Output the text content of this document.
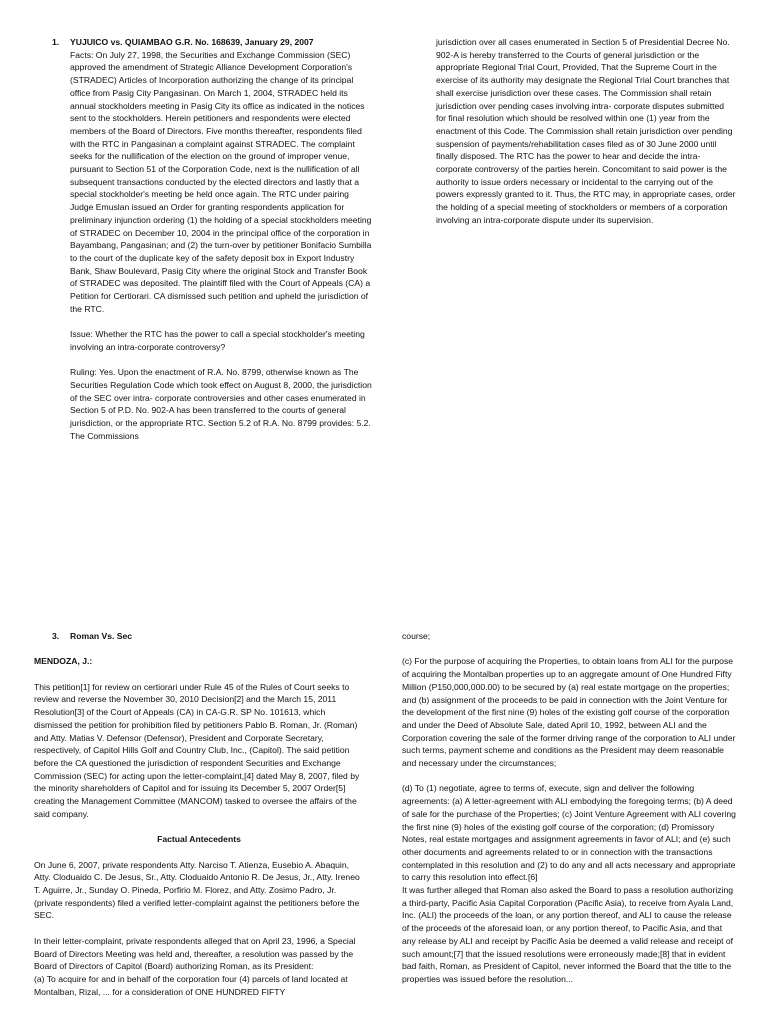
1. YUJUICO vs. QUIAMBAO G.R. No. 168639, January 29, 2007

Facts: On July 27, 1998, the Securities and Exchange Commission (SEC) approved the amendment of Strategic Alliance Development Corporation's (STRADEC) Articles of Incorporation authorizing the change of its principal office from Pasig City Pangasinan. On March 1, 2004, STRADEC held its annual stockholders meeting in Pasig City its office as indicated in the notices sent to the stockholders. Herein petitioners and respondents were elected members of the Board of Directors. Five months thereafter, respondents filed with the RTC in Pangasinan a complaint against STRADEC. The complaint seeks for the nullification of the election on the ground of improper venue, pursuant to Section 51 of the Corporation Code, next is the nullification of all subsequent transactions conducted by the elected directors and lastly that a special stockholder's meeting be held once again. The RTC under pairing Judge Emuslan issued an Order for granting respondents application for preliminary injunction ordering (1) the holding of a special stockholders meeting of STRADEC on December 10, 2004 in the principal office of the corporation in Bayambang, Pangasinan; and (2) the turn-over by petitioner Bonifacio Sumbilla to the court of the duplicate key of the safety deposit box in Export Industry Bank, Shaw Boulevard, Pasig City where the original Stock and Transfer Book of STRADEC was deposited. The plaintiff filed with the Court of Appeals (CA) a Petition for Certiorari. CA dismissed such petition and upheld the jurisdiction of the RTC.

Issue: Whether the RTC has the power to call a special stockholder's meeting involving an intra-corporate controversy?

Ruling: Yes. Upon the enactment of R.A. No. 8799, otherwise known as The Securities Regulation Code which took effect on August 8, 2000, the jurisdiction of the SEC over intra- corporate controversies and other cases enumerated in Section 5 of P.D. No. 902-A has been transferred to the courts of general jurisdiction, or the appropriate RTC. Section 5.2 of R.A. No. 8799 provides: 5.2. The Commissions

jurisdiction over all cases enumerated in Section 5 of Presidential Decree No. 902-A is hereby transferred to the Courts of general jurisdiction or the appropriate Regional Trial Court, Provided, That the Supreme Court in the exercise of its authority may designate the Regional Trial Court branches that shall exercise jurisdiction over these cases. The Commission shall retain jurisdiction over pending cases involving intra- corporate disputes submitted for final resolution which should be resolved within one (1) year from the enactment of this Code. The Commission shall retain jurisdiction over pending suspension of payments/rehabilitation cases filed as of 30 June 2000 until finally disposed. The RTC has the power to hear and decide the intra-corporate controversy of the parties herein. Concomitant to said power is the authority to issue orders necessary or incidental to the carrying out of the powers expressly granted to it. Thus, the RTC may, in appropriate cases, order the holding of a special meeting of stockholders or members of a corporation involving an intra-corporate dispute under its supervision.

3. Roman Vs. Sec

MENDOZA, J.:

This petition[1] for review on certiorari under Rule 45 of the Rules of Court seeks to review and reverse the November 30, 2010 Decision[2] and the March 15, 2011 Resolution[3] of the Court of Appeals (CA) in CA-G.R. SP No. 101613, which dismissed the petition for prohibition filed by petitioners Pablo B. Roman, Jr. (Roman) and Atty. Matias V. Defensor (Defensor), President and Corporate Secretary, respectively, of Capitol Hills Golf and Country Club, Inc., (Capitol). The said petition before the CA questioned the jurisdiction of respondent Securities and Exchange Commission (SEC) for acting upon the letter-complaint,[4] dated May 8, 2007, filed by the minority shareholders of Capitol and for issuing its December 5, 2007 Order[5] creating the Management Committee (MANCOM) tasked to oversee the affairs of the said company.

Factual Antecedents

On June 6, 2007, private respondents Atty. Narciso T. Atienza, Eusebio A. Abaquin, Atty. Cloduaido C. De Jesus, Sr., Atty. Cloduaido Antonio R. De Jesus, Jr., Atty. Ireneo T. Aguirre, Jr., Sunday O. Pineda, Porfirio M. Florez, and Atty. Zosimo Padro, Jr. (private respondents) filed a verified letter-complaint against the petitioners before the SEC.

In their letter-complaint, private respondents alleged that on April 23, 1996, a Special Board of Directors Meeting was held and, thereafter, a resolution was passed by the Board of Directors of Capitol (Board) authorizing Roman, as its President:

(a) To acquire for and in behalf of the corporation four (4) parcels of land located at Montalban, Rizal, ... for a consideration of ONE HUNDRED FIFTY

course;

(c) For the purpose of acquiring the Properties, to obtain loans from ALI for the purpose of acquiring the Montalban properties up to an aggregate amount of One Hundred Fifty Million (P150,000,000.00) to be secured by (a) real estate mortgage on the properties; and (b) assignment of the proceeds to be paid in connection with the Joint Venture for the development of the first nine (9) holes of the existing golf course of the corporation and under the Deed of Absolute Sale, dated April 10, 1992, between ALI and the Corporation covering the sale of the former driving range of the corporation to ALI under such terms, payment scheme and conditions as the President may deem reasonable and necessary under the circumstances;

(d) To (1) negotiate, agree to terms of, execute, sign and deliver the following agreements: (a) A letter-agreement with ALI embodying the foregoing terms; (b) A deed of sale for the purchase of the Properties; (c) Joint Venture Agreement with ALI covering the first nine (9) holes of the existing golf course of the corporation; (d) Promissory Notes, real estate mortgages and assignment agreements in favor of ALI; and (e) such other documents and agreements related to or in connection with the transactions contemplated in this resolution and (2) to do any and all acts necessary and appropriate to carry this resolution into effect.[6]

It was further alleged that Roman also asked the Board to pass a resolution authorizing a third-party, Pacific Asia Capital Corporation (Pacific Asia), to receive from Ayala Land, Inc. (ALI) the proceeds of the loan, or any portion thereof, and ALI to cause the release of the proceeds of the aforesaid loan, or any portion thereof, to Pacific Asia, and that any release by ALI and receipt by Pacific Asia be deemed a valid release and receipt of such amount;[7] that the issued resolutions were erroneously made;[8] that in evident bad faith, Roman, as President of Capitol, never informed the Board that the title to the properties was issued before the resolution...
